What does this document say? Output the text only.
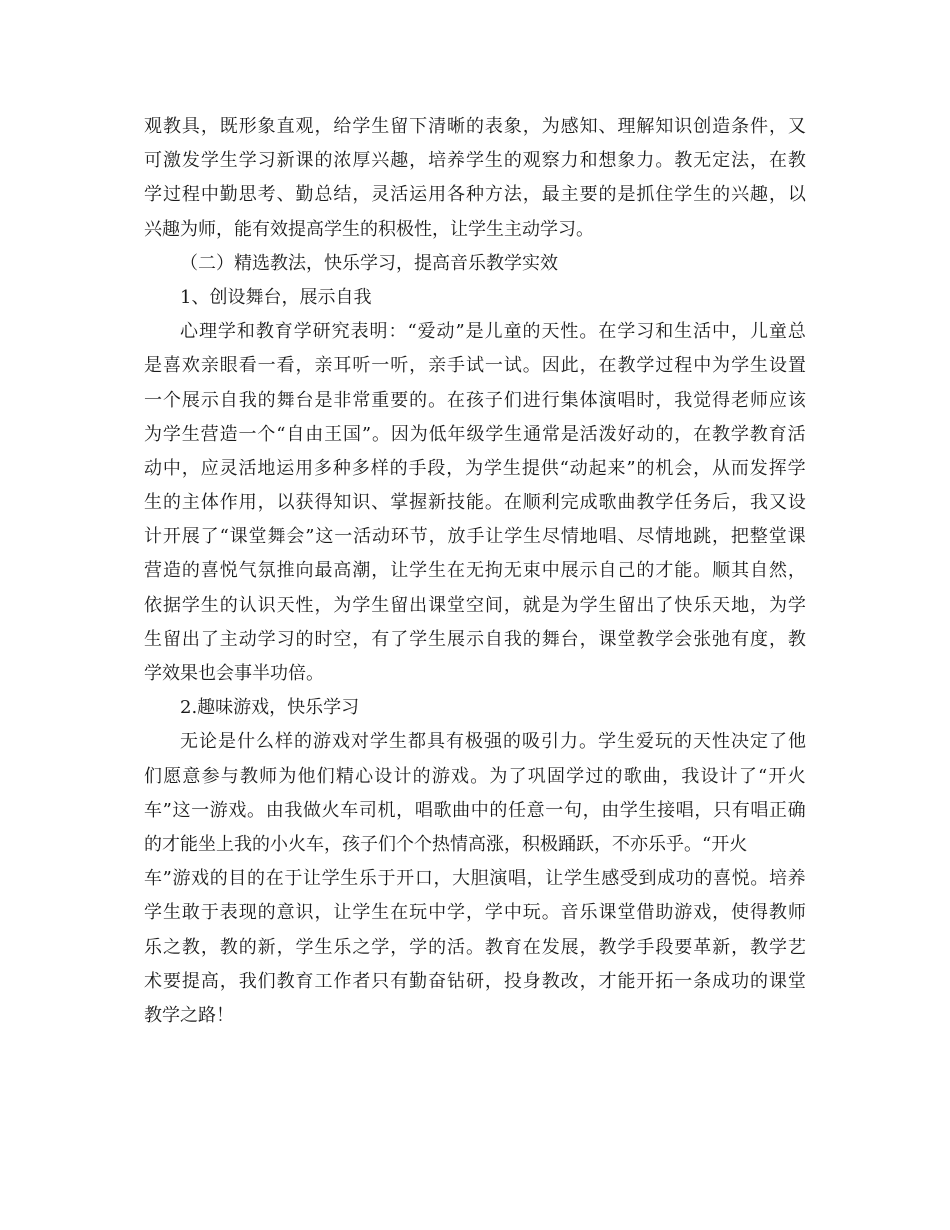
观 教 具 ， 既 形 象 直 观 ， 给 学 生 留 下 清 晰 的 表 象 ， 为 感 知 、 理 解 知 识 创 造 条 件 ， 又
可 激 发 学 生 学 习 新 课 的 浓 厚 兴 趣 ， 培 养 学 生 的 观 察 力 和 想 象 力 。 教 无 定 法 ， 在 教
学 过 程 中 勤 思 考 、 勤 总 结 ， 灵 活 运 用 各 种 方 法 ， 最 主 要 的 是 抓 住 学 生 的 兴 趣 ， 以
兴趣为师，能有效提高学生的积极性，让学生主动学习。
（二）精选教法，快乐学习，提高音乐教学实效
1、创设舞台，展示自我
心 理 学 和 教 育 学 研 究 表 明 ： “ 爱 动 ” 是 儿 童 的 天 性 。 在 学 习 和 生 活 中 ， 儿 童 总
是 喜 欢 亲 眼 看 一 看 ， 亲 耳 听 一 听 ， 亲 手 试 一 试 。 因 此 ， 在 教 学 过 程 中 为 学 生 设 置
一 个 展 示 自 我 的 舞 台 是 非 常 重 要 的 。 在 孩 子 们 进 行 集 体 演 唱 时 ， 我 觉 得 老 师 应 该
为 学 生 营 造 一 个 “ 自 由 王 国 ” 。 因 为 低 年 级 学 生 通 常 是 活 泼 好 动 的 ， 在 教 学 教 育 活
动 中 ， 应 灵 活 地 运 用 多 种 多 样 的 手 段 ， 为 学 生 提 供 “ 动 起 来 ” 的 机 会 ， 从 而 发 挥 学
生 的 主 体 作 用 ， 以 获 得 知 识 、 掌 握 新 技 能 。 在 顺 利 完 成 歌 曲 教 学 任 务 后 ， 我 又 设
计 开 展 了 “ 课 堂 舞 会 ” 这 一 活 动 环 节 ， 放 手 让 学 生 尽 情 地 唱 、 尽 情 地 跳 ， 把 整 堂 课
营 造 的 喜 悦 气 氛 推 向 最 高 潮 ， 让 学 生 在 无 拘 无 束 中 展 示 自 己 的 才 能 。 顺 其 自 然 ，
依 据 学 生 的 认 识 天 性 ， 为 学 生 留 出 课 堂 空 间 ， 就 是 为 学 生 留 出 了 快 乐 天 地 ， 为 学
生 留 出 了 主 动 学 习 的 时 空 ， 有 了 学 生 展 示 自 我 的 舞 台 ， 课 堂 教 学 会 张 弛 有 度 ， 教
学效果也会事半功倍。
2.趣味游戏，快乐学习
无 论 是 什 么 样 的 游 戏 对 学 生 都 具 有 极 强 的 吸 引 力 。 学 生 爱 玩 的 天 性 决 定 了 他
们 愿 意 参 与 教 师 为 他 们 精 心 设 计 的 游 戏 。 为 了 巩 固 学 过 的 歌 曲 ， 我 设 计 了 “ 开 火
车 ” 这 一 游 戏 。 由 我 做 火 车 司 机 ， 唱 歌 曲 中 的 任 意 一 句 ， 由 学 生 接 唱 ， 只 有 唱 正 确
的才能坐上我的小火车，孩子们个个热情高涨，积极踊跃，不亦乐乎。“开火
车 ” 游 戏 的 目 的 在 于 让 学 生 乐 于 开 口 ， 大 胆 演 唱 ， 让 学 生 感 受 到 成 功 的 喜 悦 。 培 养
学 生 敢 于 表 现 的 意 识 ， 让 学 生 在 玩 中 学 ， 学 中 玩 。 音 乐 课 堂 借 助 游 戏 ， 使 得 教 师
乐 之 教 ， 教 的 新 ， 学 生 乐 之 学 ， 学 的 活 。 教 育 在 发 展 ， 教 学 手 段 要 革 新 ， 教 学 艺
术 要 提 高 ， 我 们 教 育 工 作 者 只 有 勤 奋 钻 研 ， 投 身 教 改 ， 才 能 开 拓 一 条 成 功 的 课 堂
教学之路！
